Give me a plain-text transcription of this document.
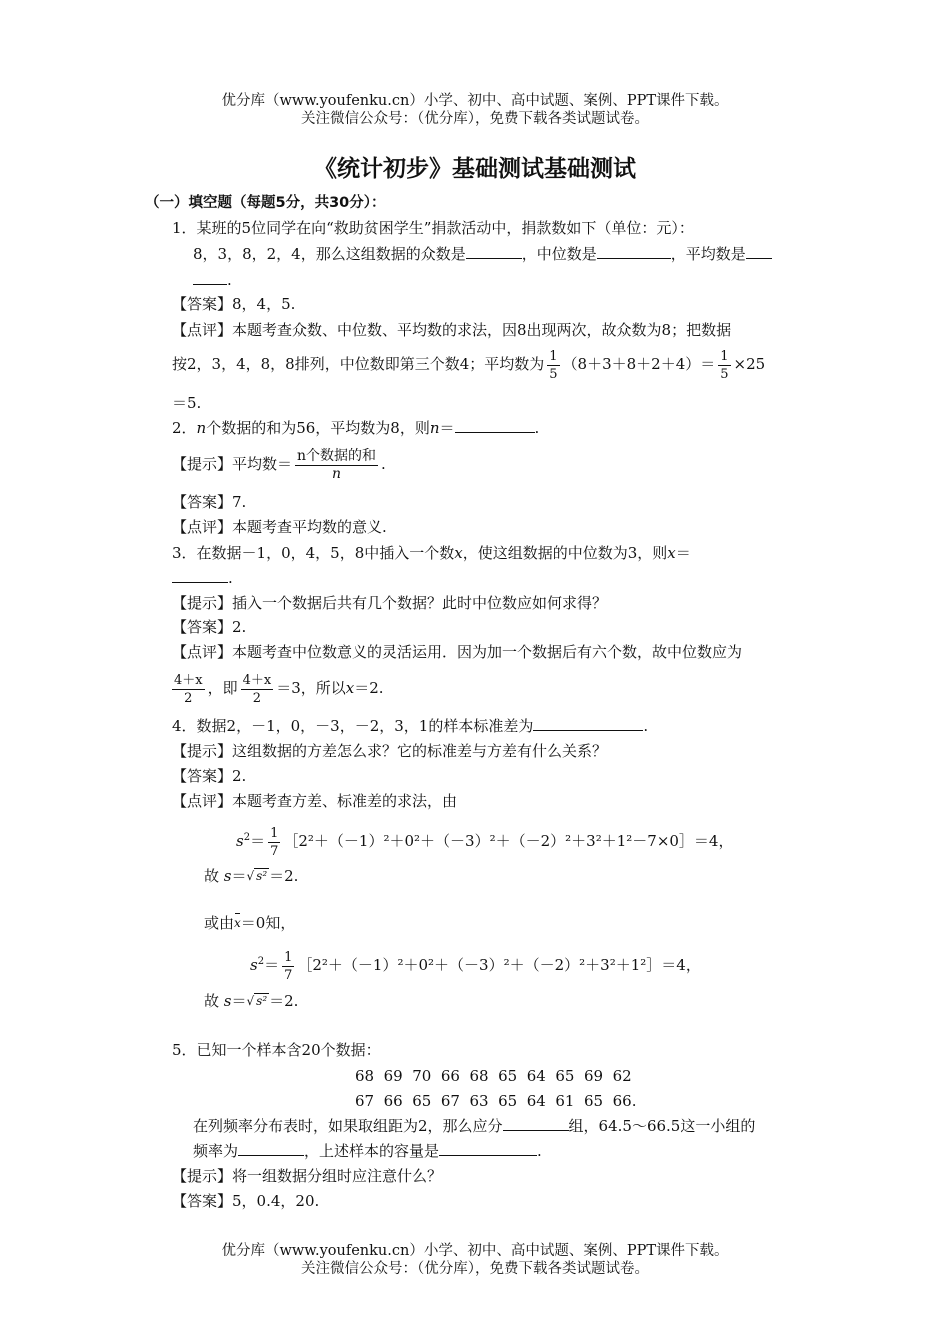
优分库（www.youfenku.cn）小学、初中、高中试题、案例、PPT课件下载。
关注微信公众号：（优分库），免费下载各类试题试卷。
《统计初步》基础测试基础测试
（一）填空题（每题5分，共30分）：
1．某班的5位同学在向“救助贫困学生”捐款活动中，捐款数如下（单位：元）：
8，3，8，2，4，那么这组数据的众数是	，中位数是	，平均数是
.
【答案】8，4，5.
【点评】本题考查众数、中位数、平均数的求法，因8出现两次，故众数为8；把数据
按2，3，4，8，8排列，中位数即第三个数4；平均数为 $\frac{1}{5} (8+3+8+2+4)= \frac{1}{5} \times 25$
＝5.
2．n个数据的和为56，平均数为8，则n＝	.
【提示】平均数＝ $\frac{\text{n个数据的和}}{n}$ .
【答案】7.
【点评】本题考查平均数的意义.
3．在数据－1，0，4，5，8中插入一个数x，使这组数据的中位数为3，则x＝
.
【提示】插入一个数据后共有几个数据？此时中位数应如何求得？
【答案】2.
【点评】本题考查中位数意义的灵活运用．因为加一个数据后有六个数，故中位数应为
$\frac{4+x}{2}$ ，即 $\frac{4+x}{2} =3$，所以x＝2.
4．数据2，－1，0，－3，－2，3，1的样本标准差为	.
【提示】这组数据的方差怎么求？它的标准差与方差有什么关系？
【答案】2.
【点评】本题考查方差、标准差的求法，由
$s^2= \frac{1}{7}$ ［2²＋（－1）²＋0²＋（－3）²＋（－2）²＋3²＋1²－7×0］＝4，
故 s＝√ s² ＝2.
或由x＝0知，
$s^2= \frac{1}{7}$ ［2²＋（－1）²＋0²＋（－3）²＋（－2）²＋3²＋1²］＝4，
故 s＝√ s² ＝2.
5．已知一个样本含20个数据：
68  69  70  66  68  65  64  65  69  62
67  66  65  67  63  65  64  61  65  66.
在列频率分布表时，如果取组距为2，那么应分	组，64.5～66.5这一小组的
频率为	，上述样本的容量是	.
【提示】将一组数据分组时应注意什么？
【答案】5，0.4，20.
优分库（www.youfenku.cn）小学、初中、高中试题、案例、PPT课件下载。
关注微信公众号：（优分库），免费下载各类试题试卷。
